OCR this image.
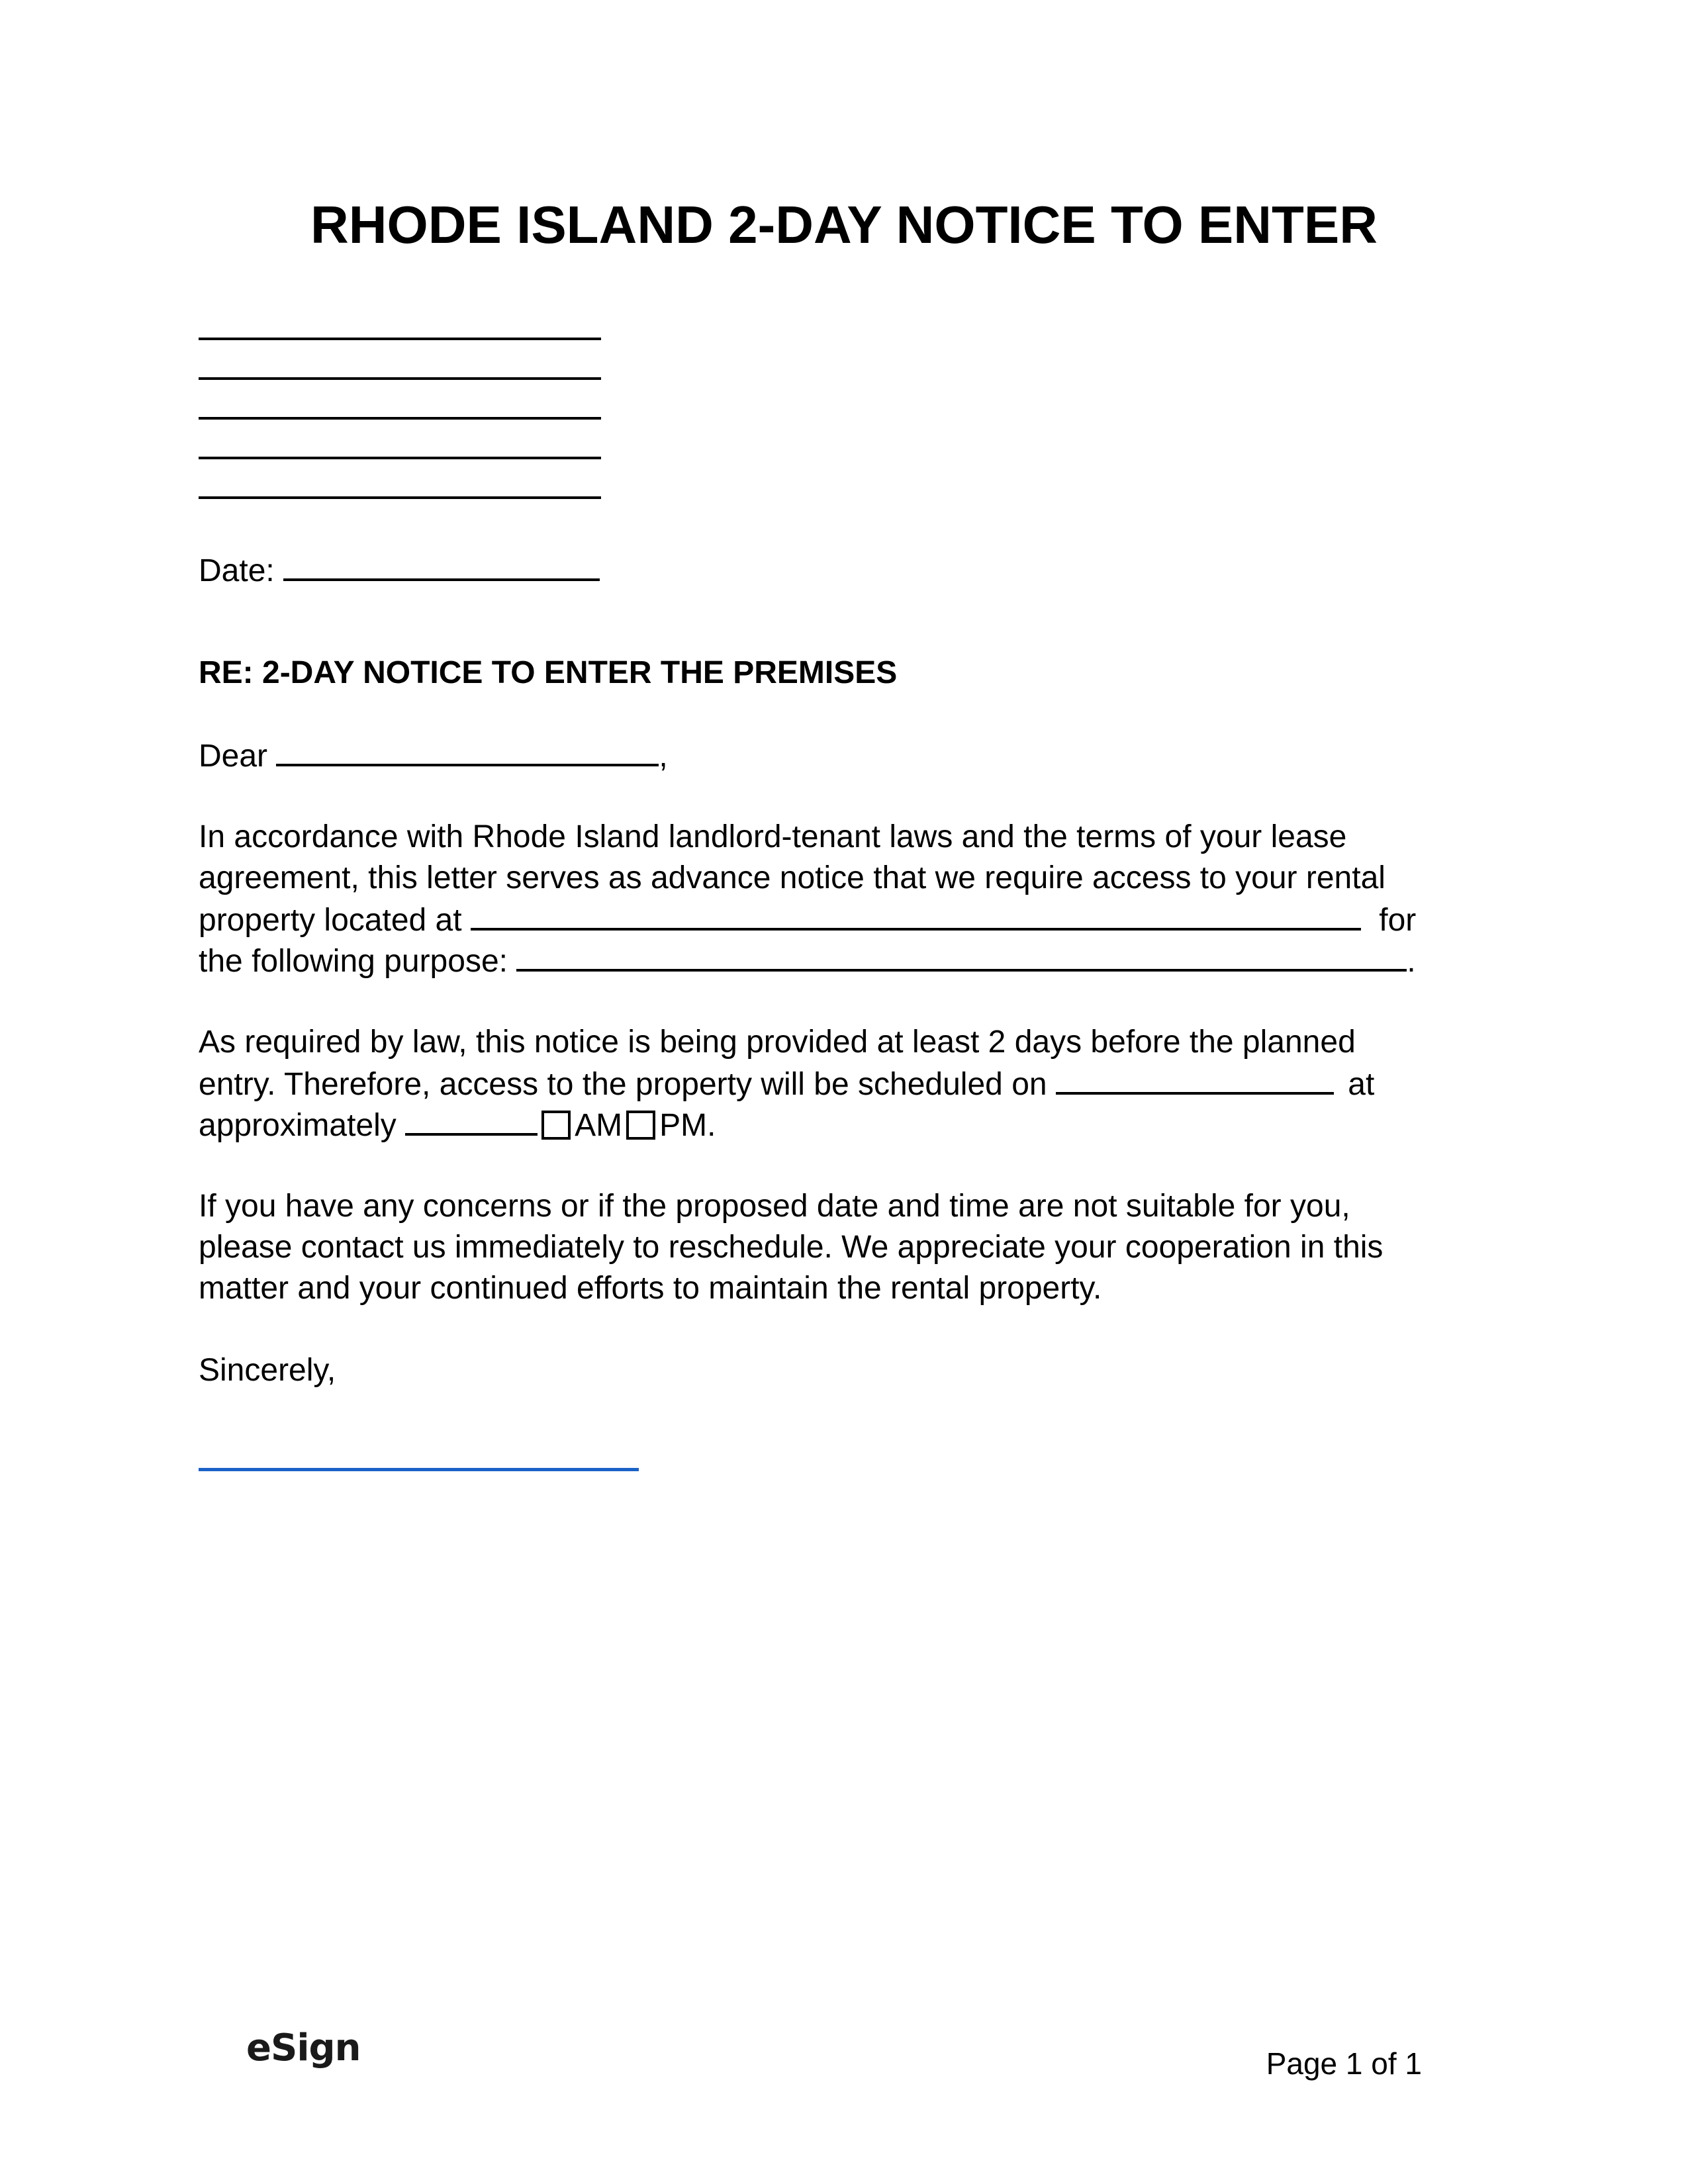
RHODE ISLAND 2-DAY NOTICE TO ENTER
Date:
RE: 2-DAY NOTICE TO ENTER THE PREMISES
Dear	,
In accordance with Rhode Island landlord-tenant laws and the terms of your lease
agreement, this letter serves as advance notice that we require access to your rental
property located at	for
the following purpose:	.
As required by law, this notice is being provided at least 2 days before the planned
entry. Therefore, access to the property will be scheduled on	at
approximately	AM PM.
If you have any concerns or if the proposed date and time are not suitable for you,
please contact us immediately to reschedule. We appreciate your cooperation in this
matter and your continued efforts to maintain the rental property.
Sincerely,
eSign	Page 1 of 1
